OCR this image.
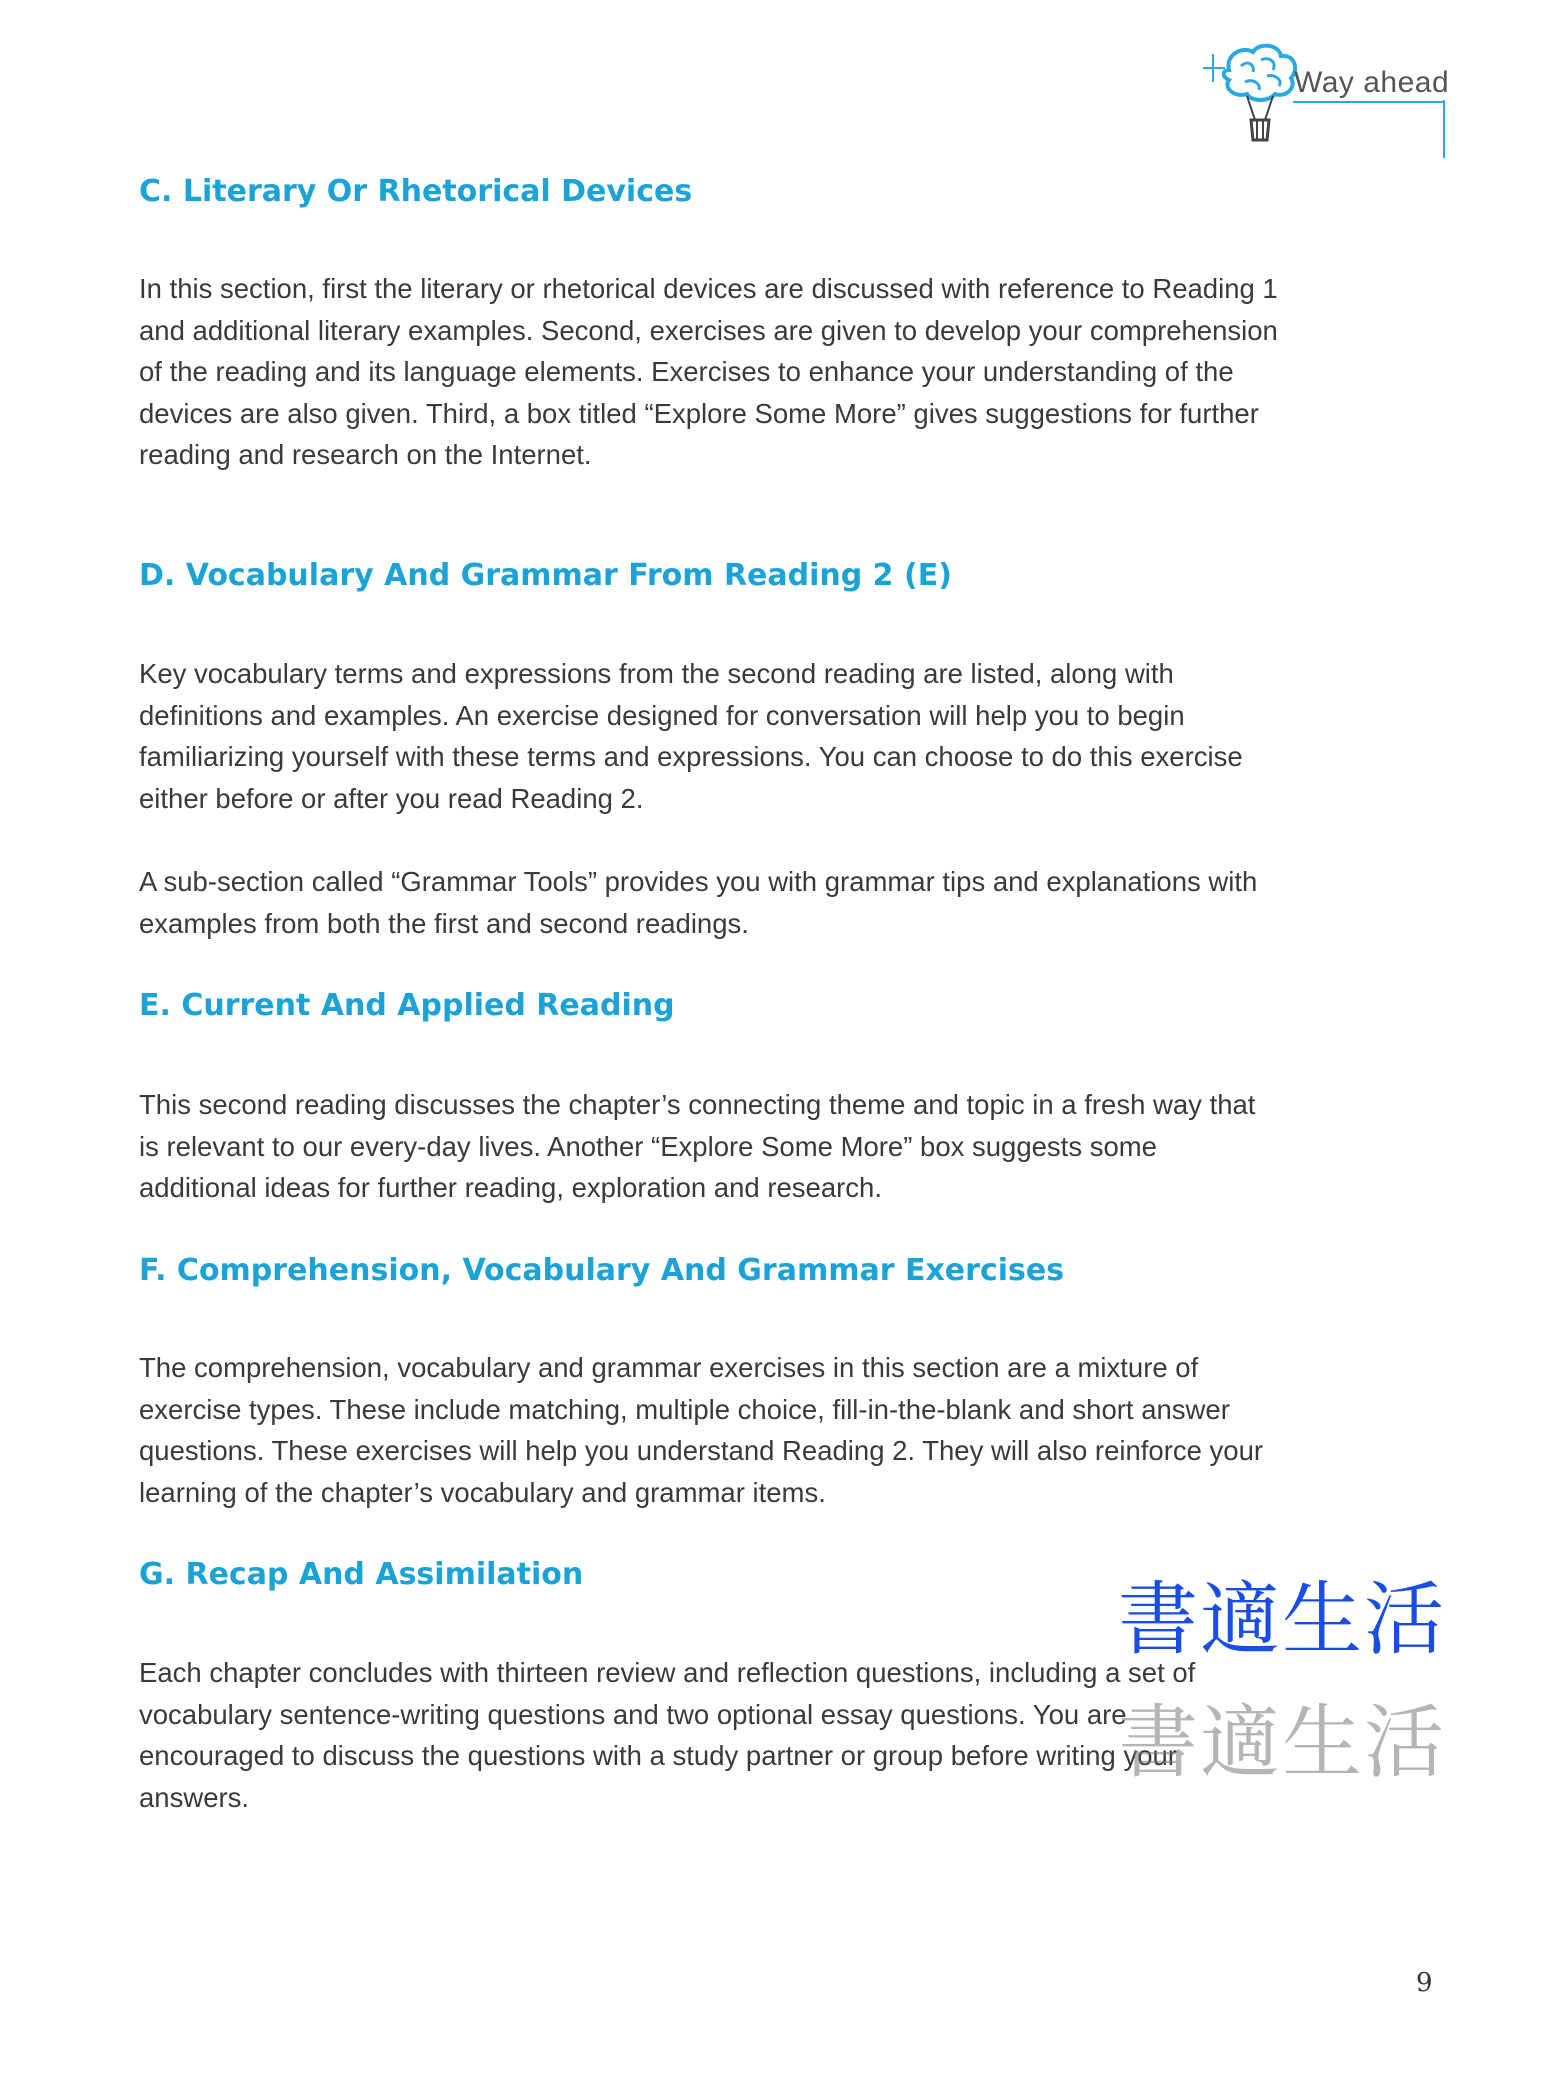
Way ahead
C. Literary Or Rhetorical Devices

In this section, first the literary or rhetorical devices are discussed with reference to Reading 1 and additional literary examples. Second, exercises are given to develop your comprehension of the reading and its language elements. Exercises to enhance your understanding of the devices are also given. Third, a box titled “Explore Some More” gives suggestions for further reading and research on the Internet.

D. Vocabulary And Grammar From Reading 2 (E)

Key vocabulary terms and expressions from the second reading are listed, along with definitions and examples. An exercise designed for conversation will help you to begin familiarizing yourself with these terms and expressions. You can choose to do this exercise either before or after you read Reading 2.

A sub-section called “Grammar Tools” provides you with grammar tips and explanations with examples from both the first and second readings.

E. Current And Applied Reading

This second reading discusses the chapter’s connecting theme and topic in a fresh way that is relevant to our every-day lives. Another “Explore Some More” box suggests some additional ideas for further reading, exploration and research.

F. Comprehension, Vocabulary And Grammar Exercises

The comprehension, vocabulary and grammar exercises in this section are a mixture of exercise types. These include matching, multiple choice, fill-in-the-blank and short answer questions. These exercises will help you understand Reading 2. They will also reinforce your learning of the chapter’s vocabulary and grammar items.

G. Recap And Assimilation

Each chapter concludes with thirteen review and reflection questions, including a set of vocabulary sentence-writing questions and two optional essay questions. You are encouraged to discuss the questions with a study partner or group before writing your answers.

書適生活
書適生活
9
